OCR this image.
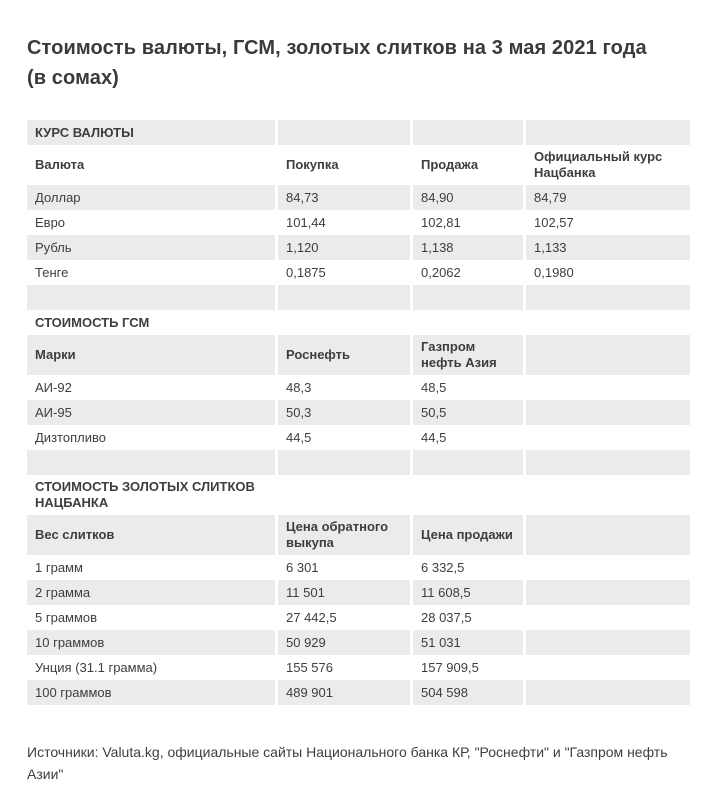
Стоимость валюты, ГСМ, золотых слитков на 3 мая 2021 года (в сомах)
КУРС ВАЛЮТЫ			
Валюта	Покупка	Продажа	Официальный курс Нацбанка
Доллар	84,73	84,90	84,79
Евро	101,44	102,81	102,57
Рубль	1,120	1,138	1,133
Тенге	0,1875	0,2062	0,1980

СТОИМОСТЬ ГСМ			
Марки	Роснефть	Газпром нефть Азия	
АИ-92	48,3	48,5	
АИ-95	50,3	50,5	
Дизтопливо	44,5	44,5	

СТОИМОСТЬ ЗОЛОТЫХ СЛИТКОВ НАЦБАНКА			
Вес слитков	Цена обратного выкупа	Цена продажи	
1 грамм	6 301	6 332,5	
2 грамма	11 501	11 608,5	
5 граммов	27 442,5	28 037,5	
10 граммов	50 929	51 031	
Унция (31.1 грамма)	155 576	157 909,5	
100 граммов	489 901	504 598	

Источники: Valuta.kg, официальные сайты Национального банка КР, "Роснефти" и "Газпром нефть Азии"
